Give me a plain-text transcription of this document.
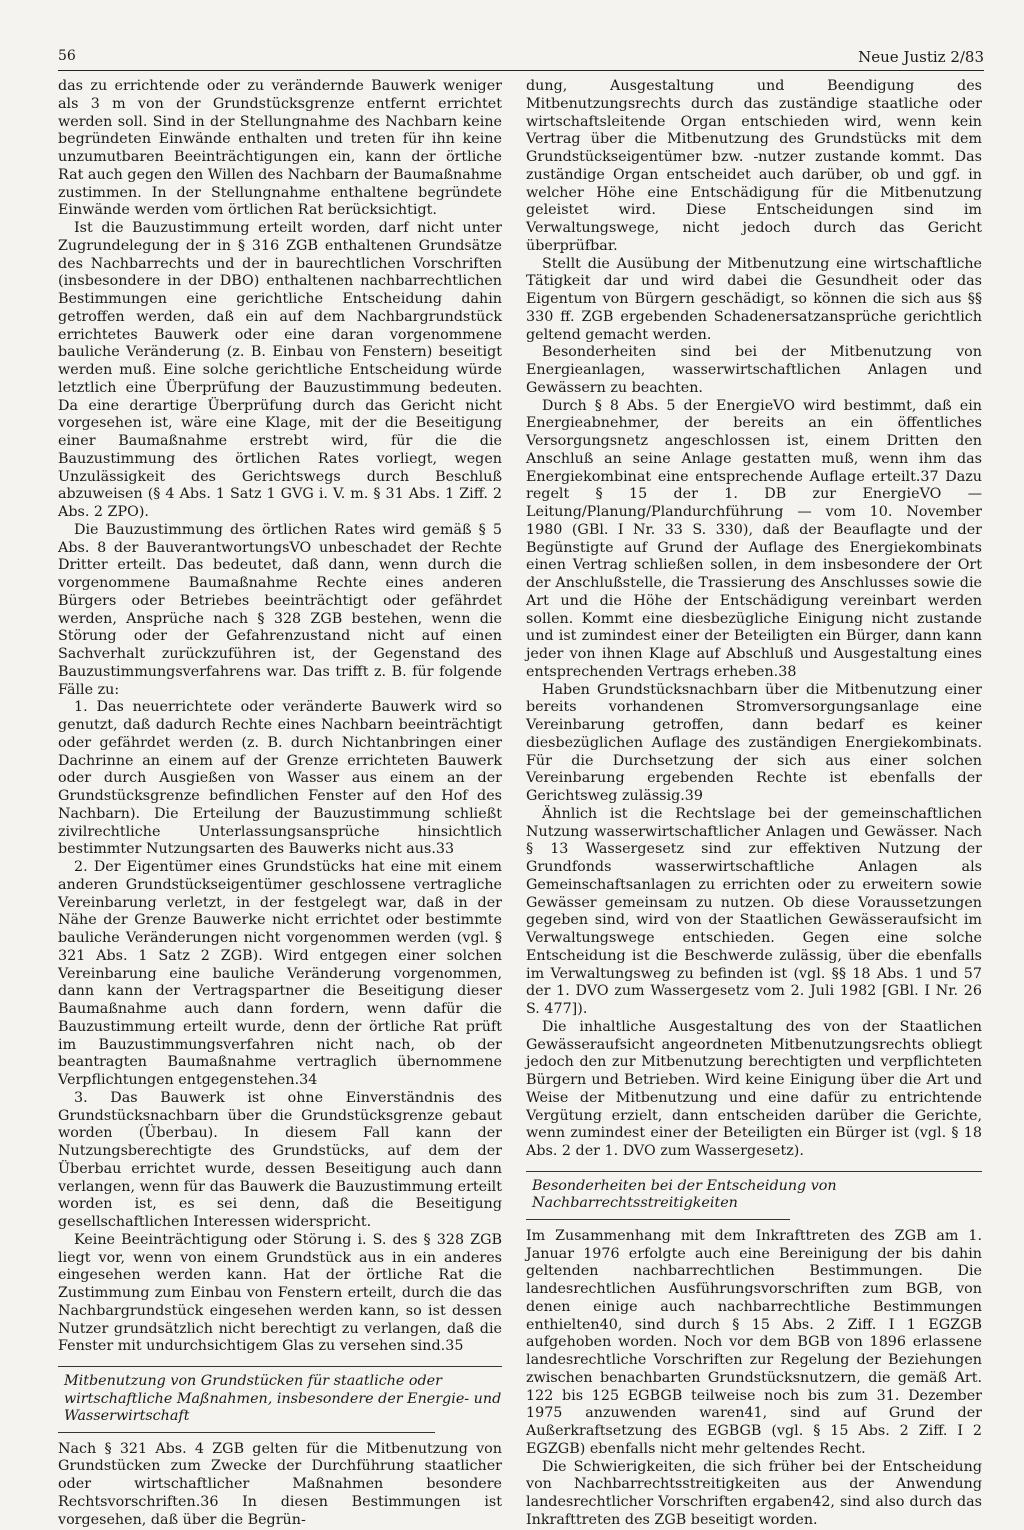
56	Neue Justiz 2/83

das zu errichtende oder zu verändernde Bauwerk weniger als 3 m von der Grundstücksgrenze entfernt errichtet werden soll. Sind in der Stellungnahme des Nachbarn keine begründeten Einwände enthalten und treten für ihn keine unzumutbaren Beeinträchtigungen ein, kann der örtliche Rat auch gegen den Willen des Nachbarn der Baumaßnahme zustimmen. In der Stellungnahme enthaltene begründete Einwände werden vom örtlichen Rat berücksichtigt.

Ist die Bauzustimmung erteilt worden, darf nicht unter Zugrundelegung der in § 316 ZGB enthaltenen Grundsätze des Nachbarrechts und der in baurechtlichen Vorschriften (insbesondere in der DBO) enthaltenen nachbarrechtlichen Bestimmungen eine gerichtliche Entscheidung dahin getroffen werden, daß ein auf dem Nachbargrundstück errichtetes Bauwerk oder eine daran vorgenommene bauliche Veränderung (z. B. Einbau von Fenstern) beseitigt werden muß. Eine solche gerichtliche Entscheidung würde letztlich eine Überprüfung der Bauzustimmung bedeuten. Da eine derartige Überprüfung durch das Gericht nicht vorgesehen ist, wäre eine Klage, mit der die Beseitigung einer Baumaßnahme erstrebt wird, für die die Bauzustimmung des örtlichen Rates vorliegt, wegen Unzulässigkeit des Gerichtswegs durch Beschluß abzuweisen (§ 4 Abs. 1 Satz 1 GVG i. V. m. § 31 Abs. 1 Ziff. 2 Abs. 2 ZPO).

Die Bauzustimmung des örtlichen Rates wird gemäß § 5 Abs. 8 der BauverantwortungsVO unbeschadet der Rechte Dritter erteilt. Das bedeutet, daß dann, wenn durch die vorgenommene Baumaßnahme Rechte eines anderen Bürgers oder Betriebes beeinträchtigt oder gefährdet werden, Ansprüche nach § 328 ZGB bestehen, wenn die Störung oder der Gefahrenzustand nicht auf einen Sachverhalt zurückzuführen ist, der Gegenstand des Bauzustimmungsverfahrens war. Das trifft z. B. für folgende Fälle zu:

1. Das neuerrichtete oder veränderte Bauwerk wird so genutzt, daß dadurch Rechte eines Nachbarn beeinträchtigt oder gefährdet werden (z. B. durch Nichtanbringen einer Dachrinne an einem auf der Grenze errichteten Bauwerk oder durch Ausgießen von Wasser aus einem an der Grundstücksgrenze befindlichen Fenster auf den Hof des Nachbarn). Die Erteilung der Bauzustimmung schließt zivilrechtliche Unterlassungsansprüche hinsichtlich bestimmter Nutzungsarten des Bauwerks nicht aus.33

2. Der Eigentümer eines Grundstücks hat eine mit einem anderen Grundstückseigentümer geschlossene vertragliche Vereinbarung verletzt, in der festgelegt war, daß in der Nähe der Grenze Bauwerke nicht errichtet oder bestimmte bauliche Veränderungen nicht vorgenommen werden (vgl. § 321 Abs. 1 Satz 2 ZGB). Wird entgegen einer solchen Vereinbarung eine bauliche Veränderung vorgenommen, dann kann der Vertragspartner die Beseitigung dieser Baumaßnahme auch dann fordern, wenn dafür die Bauzustimmung erteilt wurde, denn der örtliche Rat prüft im Bauzustimmungsverfahren nicht nach, ob der beantragten Baumaßnahme vertraglich übernommene Verpflichtungen entgegenstehen.34

3. Das Bauwerk ist ohne Einverständnis des Grundstücksnachbarn über die Grundstücksgrenze gebaut worden (Überbau). In diesem Fall kann der Nutzungsberechtigte des Grundstücks, auf dem der Überbau errichtet wurde, dessen Beseitigung auch dann verlangen, wenn für das Bauwerk die Bauzustimmung erteilt worden ist, es sei denn, daß die Beseitigung gesellschaftlichen Interessen widerspricht.

Keine Beeinträchtigung oder Störung i. S. des § 328 ZGB liegt vor, wenn von einem Grundstück aus in ein anderes eingesehen werden kann. Hat der örtliche Rat die Zustimmung zum Einbau von Fenstern erteilt, durch die das Nachbargrundstück eingesehen werden kann, so ist dessen Nutzer grundsätzlich nicht berechtigt zu verlangen, daß die Fenster mit undurchsichtigem Glas zu versehen sind.35

Mitbenutzung von Grundstücken für staatliche oder wirtschaftliche Maßnahmen, insbesondere der Energie- und Wasserwirtschaft

Nach § 321 Abs. 4 ZGB gelten für die Mitbenutzung von Grundstücken zum Zwecke der Durchführung staatlicher oder wirtschaftlicher Maßnahmen besondere Rechtsvorschriften.36 In diesen Bestimmungen ist vorgesehen, daß über die Begrün-

dung, Ausgestaltung und Beendigung des Mitbenutzungsrechts durch das zuständige staatliche oder wirtschaftsleitende Organ entschieden wird, wenn kein Vertrag über die Mitbenutzung des Grundstücks mit dem Grundstückseigentümer bzw. -nutzer zustande kommt. Das zuständige Organ entscheidet auch darüber, ob und ggf. in welcher Höhe eine Entschädigung für die Mitbenutzung geleistet wird. Diese Entscheidungen sind im Verwaltungswege, nicht jedoch durch das Gericht überprüfbar.

Stellt die Ausübung der Mitbenutzung eine wirtschaftliche Tätigkeit dar und wird dabei die Gesundheit oder das Eigentum von Bürgern geschädigt, so können die sich aus §§ 330 ff. ZGB ergebenden Schadenersatzansprüche gerichtlich geltend gemacht werden.

Besonderheiten sind bei der Mitbenutzung von Energieanlagen, wasserwirtschaftlichen Anlagen und Gewässern zu beachten.

Durch § 8 Abs. 5 der EnergieVO wird bestimmt, daß ein Energieabnehmer, der bereits an ein öffentliches Versorgungsnetz angeschlossen ist, einem Dritten den Anschluß an seine Anlage gestatten muß, wenn ihm das Energiekombinat eine entsprechende Auflage erteilt.37 Dazu regelt § 15 der 1. DB zur EnergieVO — Leitung/Planung/Plandurchführung — vom 10. November 1980 (GBl. I Nr. 33 S. 330), daß der Beauflagte und der Begünstigte auf Grund der Auflage des Energiekombinats einen Vertrag schließen sollen, in dem insbesondere der Ort der Anschlußstelle, die Trassierung des Anschlusses sowie die Art und die Höhe der Entschädigung vereinbart werden sollen. Kommt eine diesbezügliche Einigung nicht zustande und ist zumindest einer der Beteiligten ein Bürger, dann kann jeder von ihnen Klage auf Abschluß und Ausgestaltung eines entsprechenden Vertrags erheben.38

Haben Grundstücksnachbarn über die Mitbenutzung einer bereits vorhandenen Stromversorgungsanlage eine Vereinbarung getroffen, dann bedarf es keiner diesbezüglichen Auflage des zuständigen Energiekombinats. Für die Durchsetzung der sich aus einer solchen Vereinbarung ergebenden Rechte ist ebenfalls der Gerichtsweg zulässig.39

Ähnlich ist die Rechtslage bei der gemeinschaftlichen Nutzung wasserwirtschaftlicher Anlagen und Gewässer. Nach § 13 Wassergesetz sind zur effektiven Nutzung der Grundfonds wasserwirtschaftliche Anlagen als Gemeinschaftsanlagen zu errichten oder zu erweitern sowie Gewässer gemeinsam zu nutzen. Ob diese Voraussetzungen gegeben sind, wird von der Staatlichen Gewässeraufsicht im Verwaltungswege entschieden. Gegen eine solche Entscheidung ist die Beschwerde zulässig, über die ebenfalls im Verwaltungsweg zu befinden ist (vgl. §§ 18 Abs. 1 und 57 der 1. DVO zum Wassergesetz vom 2. Juli 1982 [GBl. I Nr. 26 S. 477]).

Die inhaltliche Ausgestaltung des von der Staatlichen Gewässeraufsicht angeordneten Mitbenutzungsrechts obliegt jedoch den zur Mitbenutzung berechtigten und verpflichteten Bürgern und Betrieben. Wird keine Einigung über die Art und Weise der Mitbenutzung und eine dafür zu entrichtende Vergütung erzielt, dann entscheiden darüber die Gerichte, wenn zumindest einer der Beteiligten ein Bürger ist (vgl. § 18 Abs. 2 der 1. DVO zum Wassergesetz).

Besonderheiten bei der Entscheidung von Nachbarrechtsstreitigkeiten

Im Zusammenhang mit dem Inkrafttreten des ZGB am 1. Januar 1976 erfolgte auch eine Bereinigung der bis dahin geltenden nachbarrechtlichen Bestimmungen. Die landesrechtlichen Ausführungsvorschriften zum BGB, von denen einige auch nachbarrechtliche Bestimmungen enthielten40, sind durch § 15 Abs. 2 Ziff. I 1 EGZGB aufgehoben worden. Noch vor dem BGB von 1896 erlassene landesrechtliche Vorschriften zur Regelung der Beziehungen zwischen benachbarten Grundstücksnutzern, die gemäß Art. 122 bis 125 EGBGB teilweise noch bis zum 31. Dezember 1975 anzuwenden waren41, sind auf Grund der Außerkraftsetzung des EGBGB (vgl. § 15 Abs. 2 Ziff. I 2 EGZGB) ebenfalls nicht mehr geltendes Recht.

Die Schwierigkeiten, die sich früher bei der Entscheidung von Nachbarrechtsstreitigkeiten aus der Anwendung landesrechtlicher Vorschriften ergaben42, sind also durch das Inkrafttreten des ZGB beseitigt worden.
